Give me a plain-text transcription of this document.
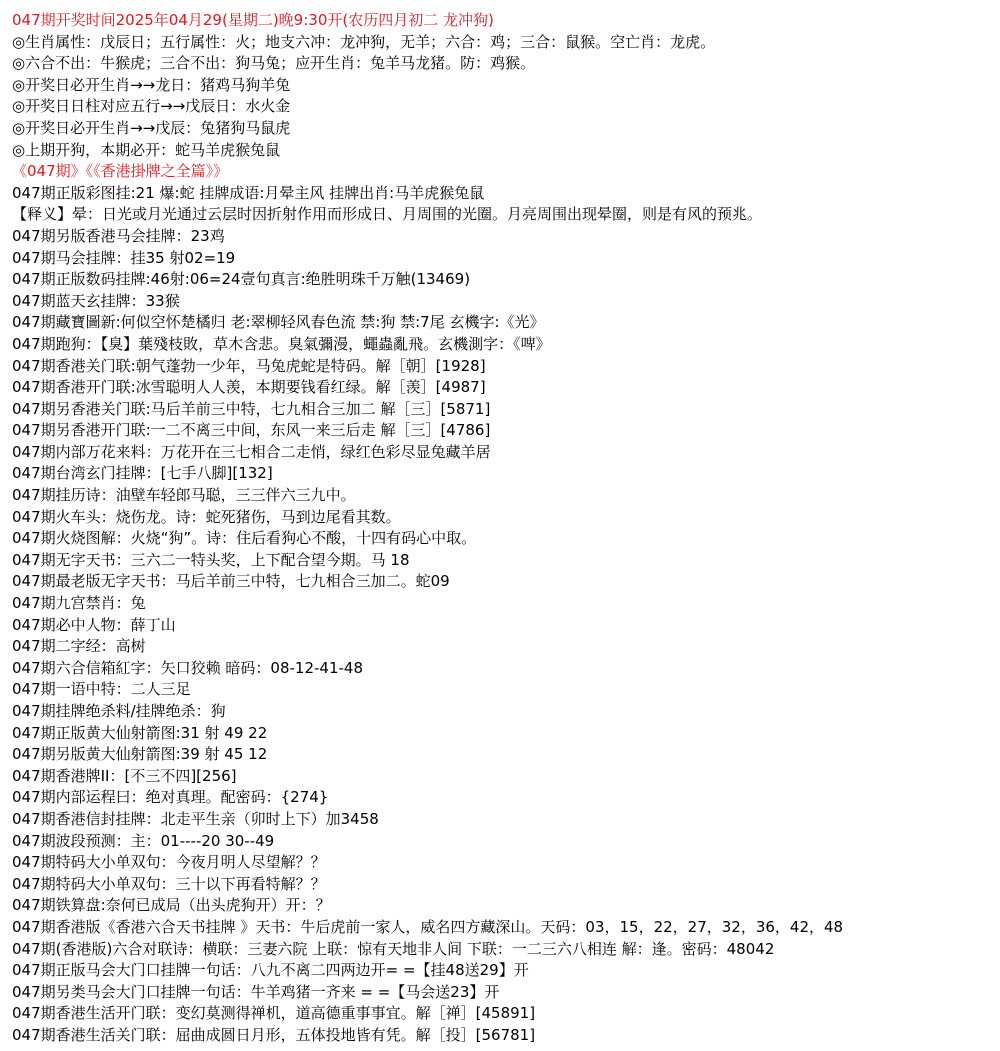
047期开奖时间2025年04月29(星期二)晚9:30开(农历四月初二 龙冲狗)
◎生肖属性：戊辰日；五行属性：火；地支六冲：龙冲狗，无羊；六合：鸡；三合：鼠猴。空亡肖：龙虎。
◎六合不出：牛猴虎；三合不出：狗马兔；应开生肖：兔羊马龙猪。防：鸡猴。
◎开奖日必开生肖→→龙日：猪鸡马狗羊兔
◎开奖日日柱对应五行→→戊辰日：水火金
◎开奖日必开生肖→→戊辰：兔猪狗马鼠虎
◎上期开狗，本期必开：蛇马羊虎猴兔鼠
《047期》《《香港掛牌之全篇》》
047期正版彩图挂:21 爆:蛇 挂牌成语:月晕主风 挂牌出肖:马羊虎猴兔鼠
【释义】晕：日光或月光通过云层时因折射作用而形成日、月周围的光圈。月亮周围出现晕圈，则是有风的预兆。
047期另版香港马会挂牌：23鸡
047期马会挂牌：挂35 射02=19
047期正版数码挂牌:46射:06=24壹句真言:绝胜明珠千万触(13469)
047期蓝天玄挂牌：33猴
047期藏寶圖新:何似空怀楚橘归 老:翠柳轻风春色流 禁:狗 禁:7尾 玄機字:《光》
047期跑狗：【臭】葉殘枝敗，草木含悲。臭氣彌漫，蠅蟲亂飛。玄機測字：《啤》
047期香港关门联:朝气蓬勃一少年，马兔虎蛇是特码。解［朝］[1928]
047期香港开门联:冰雪聪明人人羡，本期要钱看红绿。解［羡］[4987]
047期另香港关门联:马后羊前三中特，七九相合三加二 解［三］[5871]
047期另香港开门联:一二不离三中间，东风一来三后走 解［三］[4786]
047期内部万花来料：万花开在三七相合二走悄，绿红色彩尽显兔藏羊居
047期台湾玄门挂牌：[七手八脚][132]
047期挂历诗：油壁车轻郎马聪，三三伴六三九中。
047期火车头：烧伤龙。诗：蛇死猪伤，马到边尾看其数。
047期火烧图解：火烧“狗”。诗：住后看狗心不酸，十四有码心中取。
047期无字天书：三六二一特头奖，上下配合望今期。马 18
047期最老版无字天书：马后羊前三中特，七九相合三加二。蛇09
047期九宫禁肖：兔
047期必中人物：薛丁山
047期二字经：高树
047期六合信箱紅字：矢口狡赖 暗码：08-12-41-48
047期一语中特：二人三足
047期挂牌绝杀料/挂牌绝杀：狗
047期正版黄大仙射箭图:31 射 49 22
047期另版黄大仙射箭图:39 射 45 12
047期香港牌II：[不三不四][256]
047期内部运程曰：绝对真理。配密码：{274}
047期香港信封挂牌：北走平生亲（卯时上下）加3458
047期波段预测：主：01----20 30--49
047期特码大小单双句：今夜月明人尽望解？？
047期特码大小单双句：三十以下再看特解？？
047期铁算盘:奈何已成局（出头虎狗开）开：？
047期香港版《香港六合天书挂牌 》天书：牛后虎前一家人，威名四方藏深山。天码：03，15，22，27，32，36，42，48
047期(香港版)六合对联诗：横联：三妻六院 上联：惊有天地非人间 下联：一二三六八相连 解：逢。密码：48042
047期正版马会大门口挂牌一句话：八九不离二四两边开= =【挂48送29】开
047期另类马会大门口挂牌一句话：牛羊鸡猪一齐来 = =【马会送23】开
047期香港生活开门联：变幻莫测得禅机，道高德重事事宜。解［禅］[45891]
047期香港生活关门联：屈曲成圆日月形，五体投地皆有凭。解［投］[56781]
